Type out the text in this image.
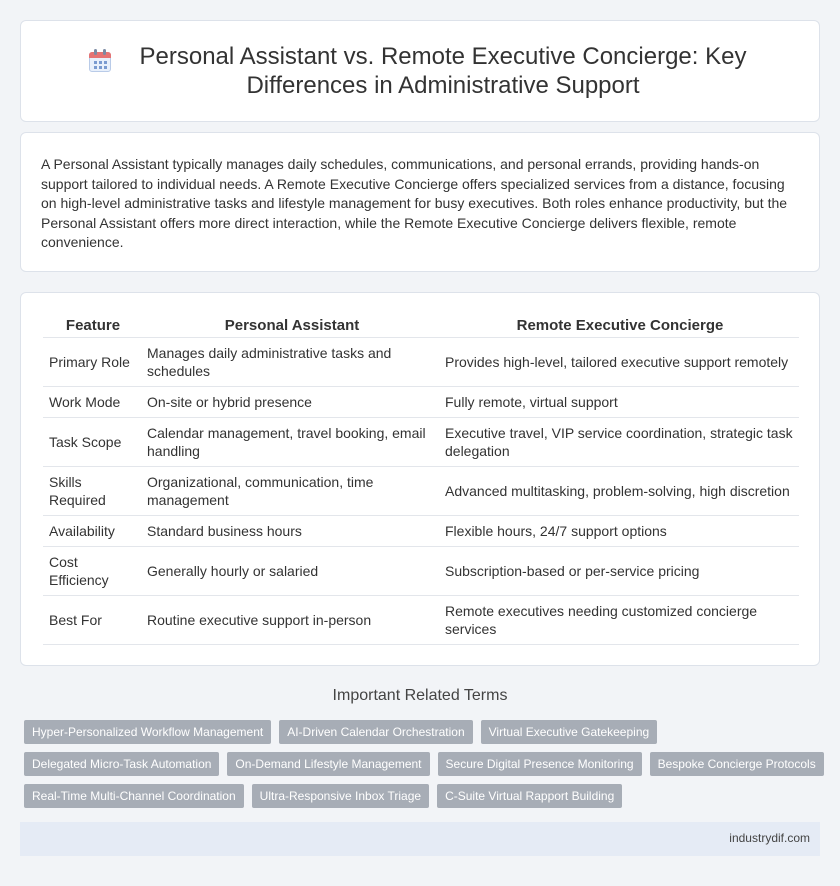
Personal Assistant vs. Remote Executive Concierge: Key Differences in Administrative Support

A Personal Assistant typically manages daily schedules, communications, and personal errands, providing hands-on support tailored to individual needs. A Remote Executive Concierge offers specialized services from a distance, focusing on high-level administrative tasks and lifestyle management for busy executives. Both roles enhance productivity, but the Personal Assistant offers more direct interaction, while the Remote Executive Concierge delivers flexible, remote convenience.

Feature	Personal Assistant	Remote Executive Concierge
Primary Role	Manages daily administrative tasks and schedules	Provides high-level, tailored executive support remotely
Work Mode	On-site or hybrid presence	Fully remote, virtual support
Task Scope	Calendar management, travel booking, email handling	Executive travel, VIP service coordination, strategic task delegation
Skills Required	Organizational, communication, time management	Advanced multitasking, problem-solving, high discretion
Availability	Standard business hours	Flexible hours, 24/7 support options
Cost Efficiency	Generally hourly or salaried	Subscription-based or per-service pricing
Best For	Routine executive support in-person	Remote executives needing customized concierge services
Important Related Terms
Hyper-Personalized Workflow Management	AI-Driven Calendar Orchestration	Virtual Executive Gatekeeping
Delegated Micro-Task Automation	On-Demand Lifestyle Management	Secure Digital Presence Monitoring	Bespoke Concierge Protocols
Real-Time Multi-Channel Coordination	Ultra-Responsive Inbox Triage	C-Suite Virtual Rapport Building
industrydif.com
